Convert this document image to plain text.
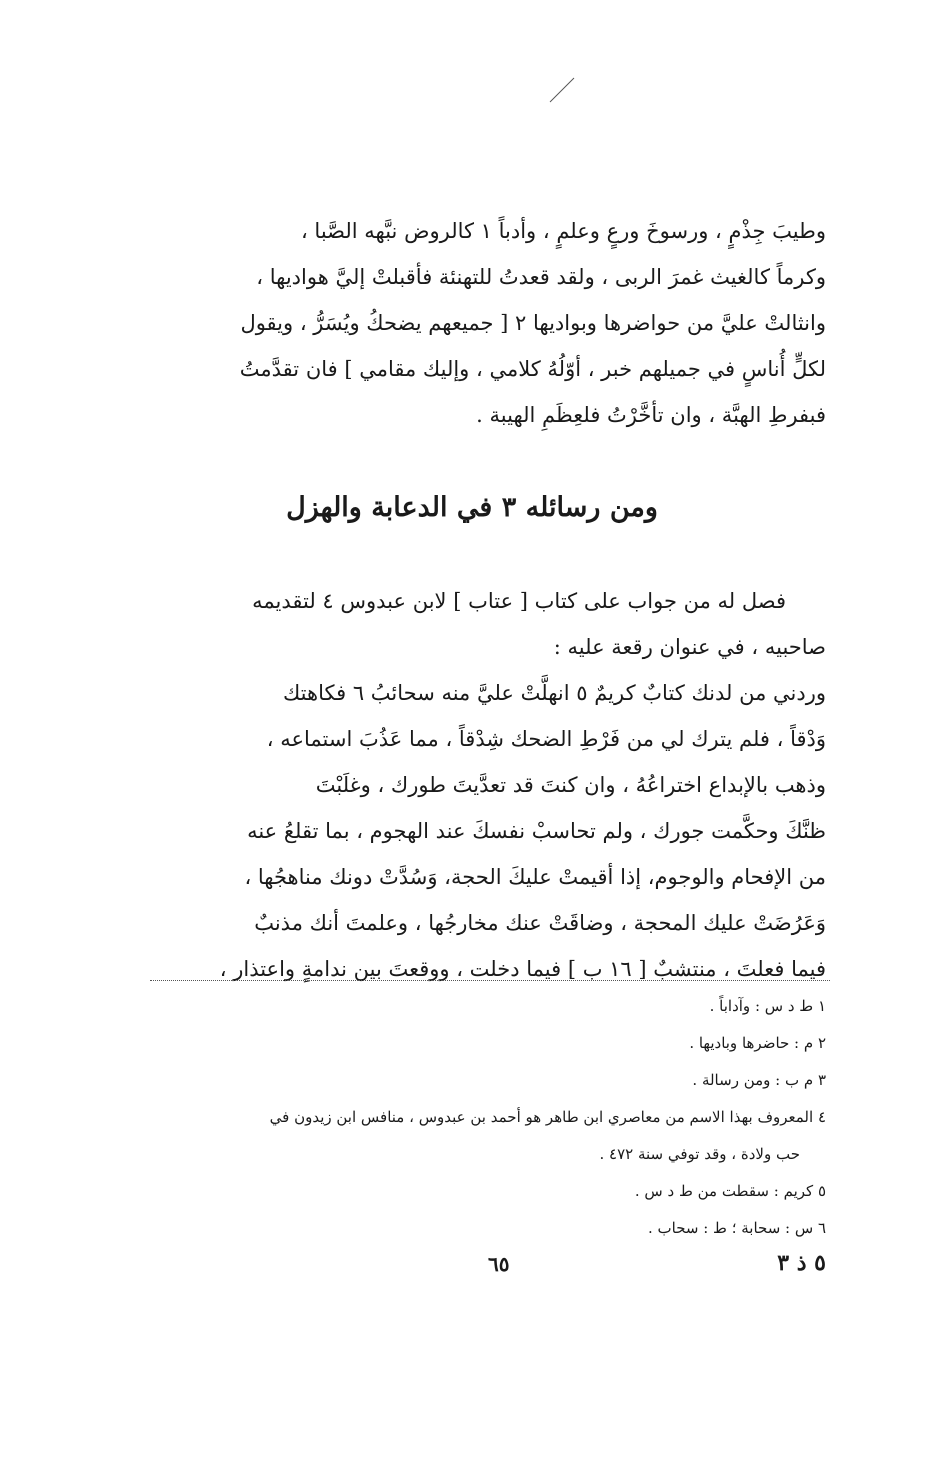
وطيبَ جِذْمٍ ، ورسوخَ ورعٍ وعلمٍ ، وأدباً ١ كالروض نبَّهه الصَّبا ،
وكرماً كالغيث غمرَ الربى ، ولقد قعدتُ للتهنئة فأقبلتْ إليَّ هواديها ،
وانثالتْ عليَّ من حواضرها وبواديها ٢ [ جميعهم يضحكُ ويُسَرُّ ، ويقول
لكلٍّ أُناسٍ في جميلهم خبر ، أوّلُهُ كلامي ، وإليك مقامي ] فان تقدَّمتُ
فبفرطِ الهبَّة ، وان تأخَّرْتُ فلعِظَمِ الهيبة .
ومن رسائله ٣ في الدعابة والهزل
فصل له من جواب على كتاب [ عتاب ] لابن عبدوس ٤ لتقديمه
صاحبيه ، في عنوان رقعة عليه :
وردني من لدنك كتابٌ كريمٌ ٥ انهلَّتْ عليَّ منه سحائبُ ٦ فكاهتك
وَدْقاً ، فلم يترك لي من فَرْطِ الضحك شِدْقاً ، مما عَذُبَ استماعه ،
وذهب بالإبداع اختراعُهُ ، وان كنتَ قد تعدَّيتَ طورك ، وغلَبْتَ
ظنَّكَ وحكَّمت جورك ، ولم تحاسبْ نفسكَ عند الهجوم ، بما تقلعُ عنه
من الإفحام والوجوم، إذا أقيمتْ عليكَ الحجة، وَسُدَّتْ دونك مناهجُها ،
وَعَرُضَتْ عليك المحجة ، وضاقَتْ عنك مخارجُها ، وعلمتَ أنك مذنبٌ
فيما فعلتَ ، منتشبٌ [ ١٦ ب ] فيما دخلت ، ووقعتَ بين ندامةٍ واعتذار ،
١ ط د س : وآداباً .
٢ م : حاضرها وباديها .
٣ م ب : ومن رسالة .
٤ المعروف بهذا الاسم من معاصري ابن طاهر هو أحمد بن عبدوس ، منافس ابن زيدون في
حب ولادة ، وقد توفي سنة ٤٧٢ .
٥ كريم : سقطت من ط د س .
٦ س : سحابة ؛ ط : سحاب .
٦٥	٥ ذ ٣
